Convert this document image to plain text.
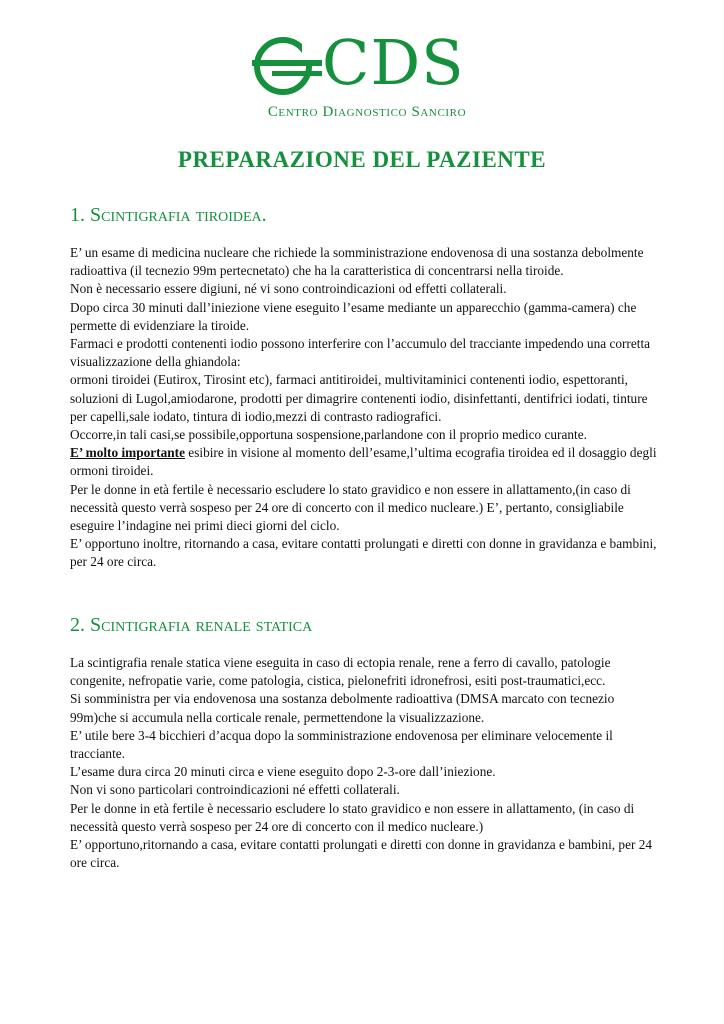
CDS
Centro Diagnostico Sanciro
PREPARAZIONE DEL PAZIENTE
1. Scintigrafia tiroidea.

E’ un esame di medicina nucleare che richiede la somministrazione endovenosa di una sostanza debolmente radioattiva (il tecnezio 99m pertecnetato) che ha la caratteristica di concentrarsi nella tiroide.

Non è necessario essere digiuni, né vi sono controindicazioni od effetti collaterali.

Dopo circa 30 minuti dall’iniezione viene eseguito l’esame mediante un apparecchio (gamma-camera) che permette di evidenziare la tiroide.

Farmaci e prodotti contenenti iodio possono interferire con l’accumulo del tracciante impedendo una corretta visualizzazione della ghiandola:

ormoni tiroidei (Eutirox, Tirosint etc), farmaci antitiroidei, multivitaminici contenenti iodio, espettoranti, soluzioni di Lugol,amiodarone, prodotti per dimagrire contenenti iodio, disinfettanti, dentifrici iodati, tinture per capelli,sale iodato, tintura di iodio,mezzi di contrasto radiografici.

Occorre,in tali casi,se possibile,opportuna sospensione,parlandone con il proprio medico curante.

E’ molto importante esibire in visione al momento dell’esame,l’ultima ecografia tiroidea ed il dosaggio degli ormoni tiroidei.

Per le donne in età fertile è necessario escludere lo stato gravidico e non essere in allattamento,(in caso di necessità questo verrà sospeso per 24 ore di concerto con il medico nucleare.) E’, pertanto, consigliabile eseguire l’indagine nei primi dieci giorni del ciclo.

E’ opportuno inoltre, ritornando a casa, evitare contatti prolungati e diretti con donne in gravidanza e bambini, per 24 ore circa.

2. Scintigrafia renale statica

La scintigrafia renale statica viene eseguita in caso di ectopia renale, rene a ferro di cavallo, patologie congenite, nefropatie varie, come patologia, cistica, pielonefriti idronefrosi, esiti post-traumatici,ecc.

Si somministra per via endovenosa una sostanza debolmente radioattiva (DMSA marcato con tecnezio 99m)che si accumula nella corticale renale, permettendone la visualizzazione.

E’ utile bere 3-4 bicchieri d’acqua dopo la somministrazione endovenosa per eliminare velocemente il tracciante.

L’esame dura circa 20 minuti circa e viene eseguito dopo 2-3-ore dall’iniezione.

Non vi sono particolari controindicazioni né effetti collaterali.

Per le donne in età fertile è necessario escludere lo stato gravidico e non essere in allattamento, (in caso di necessità questo verrà sospeso per 24 ore di concerto con il medico nucleare.)

E’ opportuno,ritornando a casa, evitare contatti prolungati e diretti con donne in gravidanza e bambini, per 24 ore circa.
